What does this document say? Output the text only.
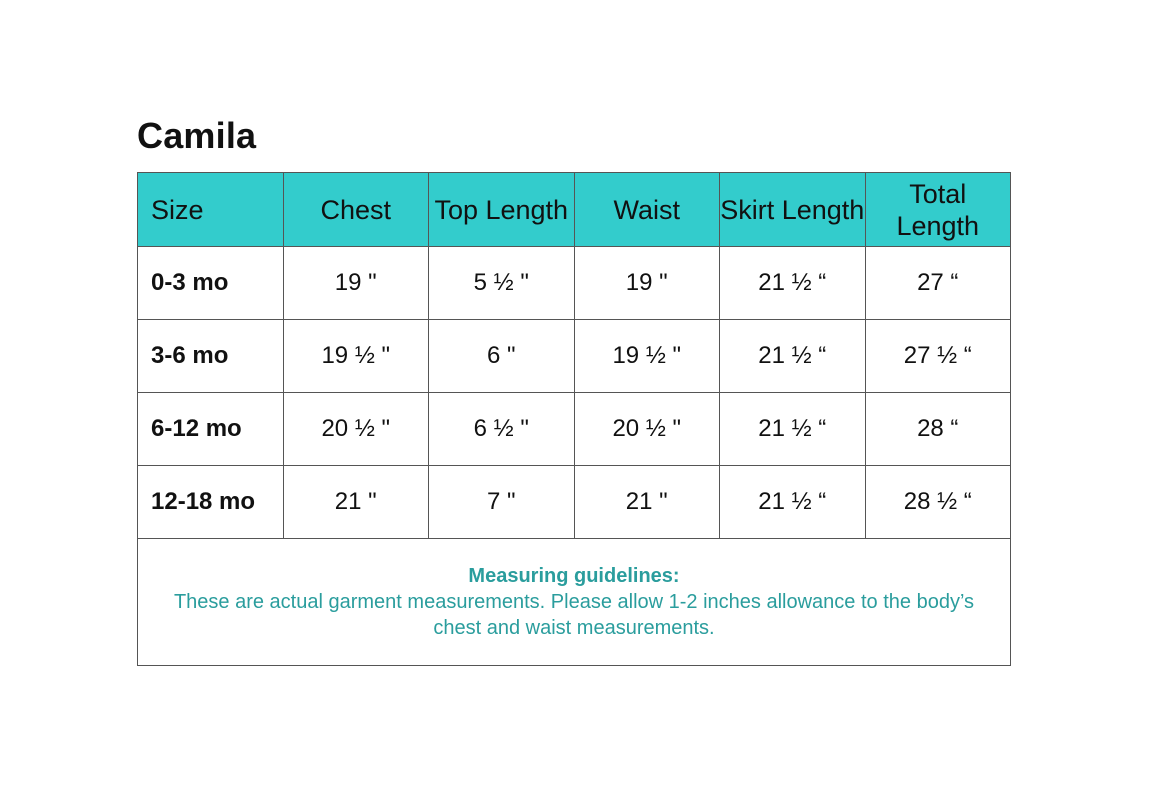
Camila
Size	Chest	Top Length	Waist	Skirt Length	Total Length
0-3 mo	19 "	5 ½ "	19 "	21 ½ “	27 “
3-6 mo	19 ½ "	6 "	19 ½ "	21 ½ “	27 ½ “
6-12 mo	20 ½ "	6 ½ "	20 ½ "	21 ½ “	28 “
12-18 mo	21 "	7 "	21 "	21 ½ “	28 ½ “

Measuring guidelines:
These are actual garment measurements. Please allow 1-2 inches allowance to the body’s chest and waist measurements.					
